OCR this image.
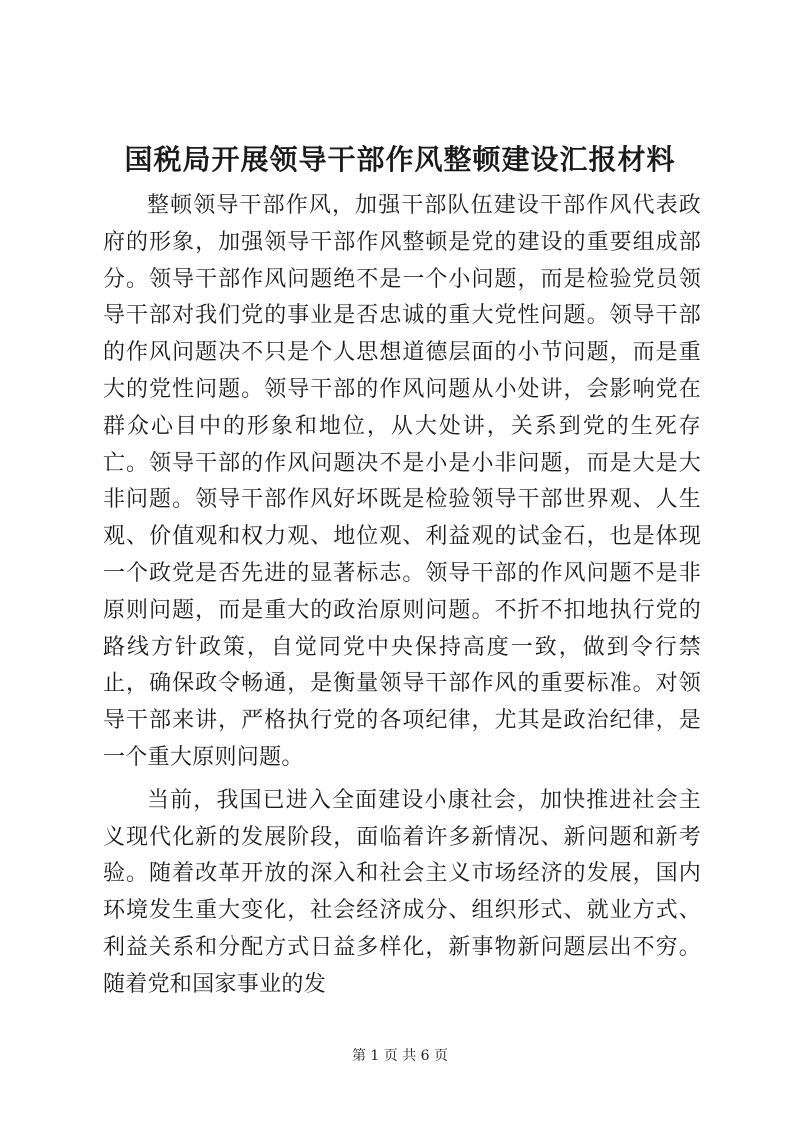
国税局开展领导干部作风整顿建设汇报材料

整顿领导干部作风，加强干部队伍建设干部作风代表政府的形象，加强领导干部作风整顿是党的建设的重要组成部分。领导干部作风问题绝不是一个小问题，而是检验党员领导干部对我们党的事业是否忠诚的重大党性问题。领导干部的作风问题决不只是个人思想道德层面的小节问题，而是重大的党性问题。领导干部的作风问题从小处讲，会影响党在群众心目中的形象和地位，从大处讲，关系到党的生死存亡。领导干部的作风问题决不是小是小非问题，而是大是大非问题。领导干部作风好坏既是检验领导干部世界观、人生观、价值观和权力观、地位观、利益观的试金石，也是体现一个政党是否先进的显著标志。领导干部的作风问题不是非原则问题，而是重大的政治原则问题。不折不扣地执行党的路线方针政策，自觉同党中央保持高度一致，做到令行禁止，确保政令畅通，是衡量领导干部作风的重要标准。对领导干部来讲，严格执行党的各项纪律，尤其是政治纪律，是一个重大原则问题。

当前，我国已进入全面建设小康社会，加快推进社会主义现代化新的发展阶段，面临着许多新情况、新问题和新考验。随着改革开放的深入和社会主义市场经济的发展，国内环境发生重大变化，社会经济成分、组织形式、就业方式、利益关系和分配方式日益多样化，新事物新问题层出不穷。随着党和国家事业的发

第 1 页 共 6 页
